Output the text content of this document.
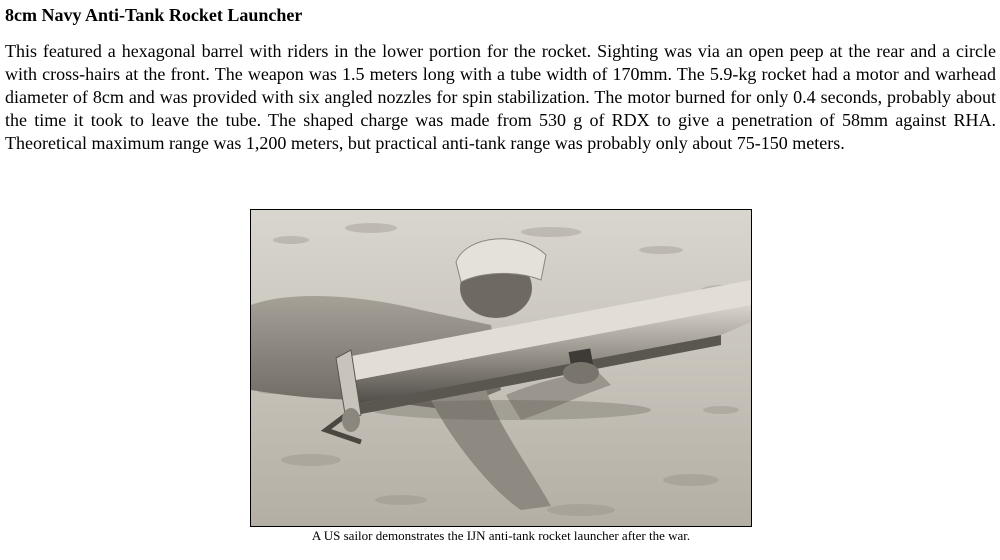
8cm Navy Anti-Tank Rocket Launcher

This featured a hexagonal barrel with riders in the lower portion for the rocket. Sighting was via an open peep at the rear and a circle with cross-hairs at the front. The weapon was 1.5 meters long with a tube width of 170mm. The 5.9-kg rocket had a motor and warhead diameter of 8cm and was provided with six angled nozzles for spin stabilization. The motor burned for only 0.4 seconds, probably about the time it took to leave the tube. The shaped charge was made from 530 g of RDX to give a penetration of 58mm against RHA. Theoretical maximum range was 1,200 meters, but practical anti-tank range was probably only about 75-150 meters.

A US sailor demonstrates the IJN anti-tank rocket launcher after the war.
